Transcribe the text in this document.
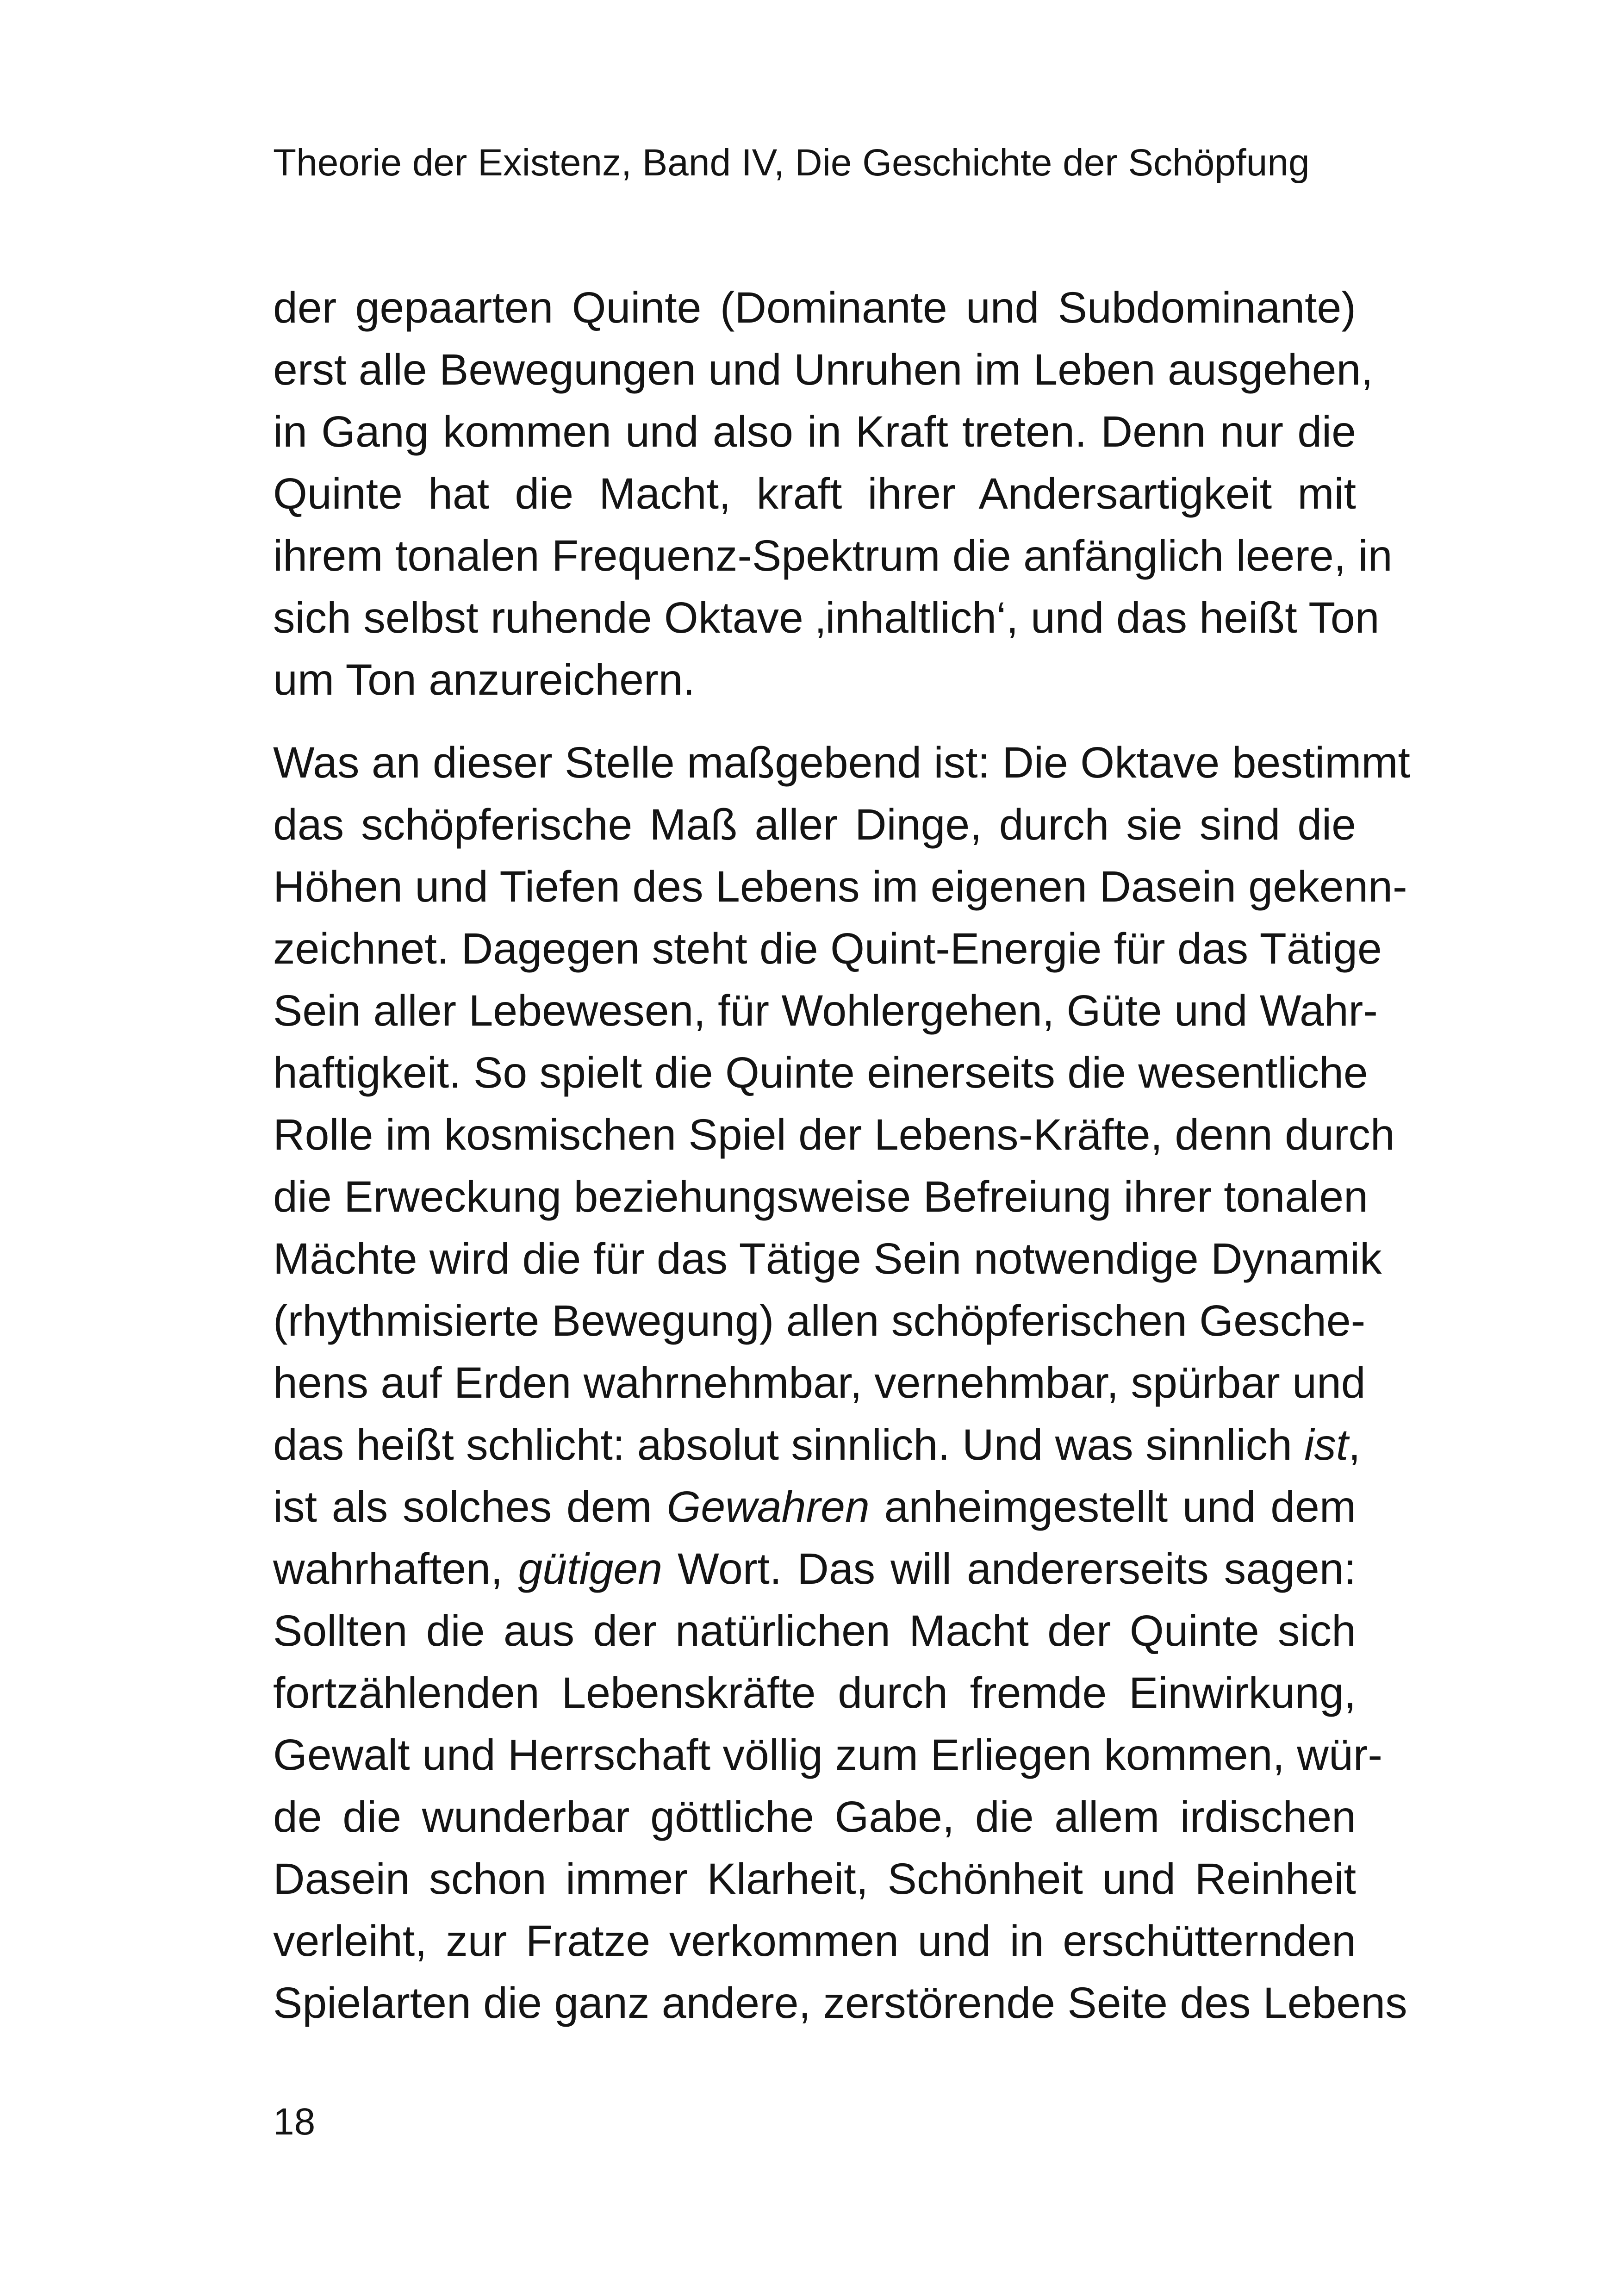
Theorie der Existenz, Band IV, Die Geschichte der Schöpfung
der gepaarten Quinte (Dominante und Subdominante)
erst alle Bewegungen und Unruhen im Leben ausgehen,
in Gang kommen und also in Kraft treten. Denn nur die
Quinte hat die Macht, kraft ihrer Andersartigkeit mit
ihrem tonalen Frequenz-Spektrum die anfänglich leere, in
sich selbst ruhende Oktave ‚inhaltlich‘, und das heißt Ton
um Ton anzureichern.
Was an dieser Stelle maßgebend ist: Die Oktave bestimmt
das schöpferische Maß aller Dinge, durch sie sind die
Höhen und Tiefen des Lebens im eigenen Dasein gekenn-
zeichnet. Dagegen steht die Quint-Energie für das Tätige
Sein aller Lebewesen, für Wohlergehen, Güte und Wahr-
haftigkeit. So spielt die Quinte einerseits die wesentliche
Rolle im kosmischen Spiel der Lebens-Kräfte, denn durch
die Erweckung beziehungsweise Befreiung ihrer tonalen
Mächte wird die für das Tätige Sein notwendige Dynamik
(rhythmisierte Bewegung) allen schöpferischen Gesche-
hens auf Erden wahrnehmbar, vernehmbar, spürbar und
das heißt schlicht: absolut sinnlich. Und was sinnlich ist,
ist als solches dem Gewahren anheimgestellt und dem
wahrhaften, gütigen Wort. Das will andererseits sagen:
Sollten die aus der natürlichen Macht der Quinte sich
fortzählenden Lebenskräfte durch fremde Einwirkung,
Gewalt und Herrschaft völlig zum Erliegen kommen, wür-
de die wunderbar göttliche Gabe, die allem irdischen
Dasein schon immer Klarheit, Schönheit und Reinheit
verleiht, zur Fratze verkommen und in erschütternden
Spielarten die ganz andere, zerstörende Seite des Lebens
18
